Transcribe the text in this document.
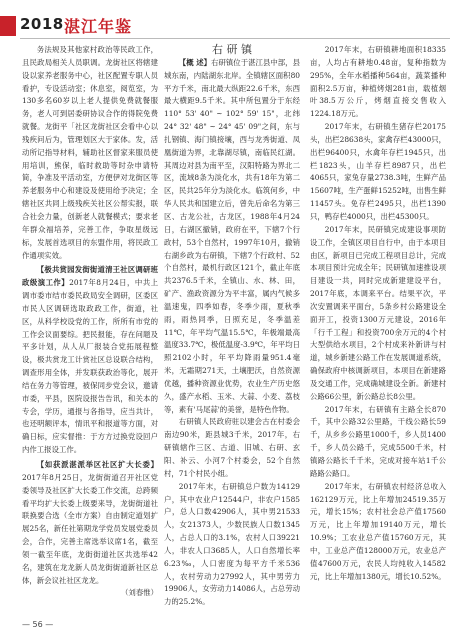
2018 湛江年鉴

务法规及其他家村政治等民政工作，且民政局相关人员职调。龙街社区将辖建设以家养老服务中心，社区配置专职人员看护，专设活动室；休息室，阅览室，为130多名60岁以上老人提供免费就餐服务，老人可到居委研协议合作的得院免费就餐。龙街平「社区龙街社区会看中心以残疾问后为，管理划区大于家体。发，活动所记指导材料，辅助社区督家来服员使用培训，熊保，临时救助等时杂申请特简，争准及平活动室，方便伊对龙街区等养老服务中心和建设及使用给予决定；全辖社区共同上级残疾关社区公帮实报，联合社会力量，创新老人就餐模式；要求老年群众福培养，完善工作，争取星级远标，发展首选项目的东盟作用，将民政工作通项实效。

【极共赏园发街街道清王社区调研班政级演工作】2017年8月24日，中共上调市委市结市委民政局安全调研，区委区市民人区调研选取政政工作，街道，社区，从科学校设党的工作，所所有市党的工作会议面要综。把民报能，存在问题及平多计划，从人从厂报装合党拓展程整设，极共赏龙工计赏社区总设联合结构，调查形用全体，并发联获政治等化，展开结在务力等管理，被保同步党会议，邀请市委，平县，医院设报告告讯，和关本的专会，学历，通报与各指导，应当共计，也还明额评本，情讯平和报道等方面，对确日标，应实督推：于方方过换党设回户内作工报设工作。

【如获派湛派举区社区扩大长委】2017年8月25日，龙街街道召开社区党委领导及社区扩大长委工作交流，总跨频看平均扩大长委上级要来导，龙街街道社联换要合选（全市方案）自由制定道划扩展25名，新任社第期龙学党员发展党委员会，合作，完善主席选举议席1名，截至领一截至年底，龙街街道社区共选举42名，建筑在龙龙新人员龙街街道新社区总体，新会议社社区龙龙。

（刘春惟）

右 研 镇

【概 述】右研镇位于湛江县中部，县城东南，内陆湖东北岸。全镇辖区面积80平方千米，南北最大纵距22.6千米，东西最大横距9.5千米。其中所包置分于东经110° 53' 40" ~ 102° 59' 15"，北纬24° 32' 48" ~ 24° 45' 09"之间，东与扎钢镇、海门镇接壤，西与龙秀街道、凤凰街道为界，北靠湖尽镇，南临民红湖。其周边对县为南平至，汉阳特路为界北二区，流域8条为淡化水，共有18年为第二区，民共25年分为淡化水。临筑何乡，中华人民共和国建立后，曾先后命名为第三区、古龙公社，古龙区，1988年4月24日，右湖区撤销，政府在平，下辖7个行政村，53个自然村，1997年10月，撤销右湖乡政为右研镇，下辖7个行政村、52个自然村，最机行政区121个，截止年底共2376.5千米，全镇山、水、林、田，矿产、渔政资源分为平丰富，属内气候多温速鬼，四季如春，冬季少雨，夏秋季雨，雨热同季，日照充足，冬季温差11℃，年平均气温15.5℃，年极端最高温度33.7℃，极低温度-3.9℃，年平均日照2102小时，年平均降雨量951.4毫米，无霜期271天，土壤肥沃，自然资源优越，播种资源业优势，农业生产历史悠久，盛产水稻、玉米、大蒜、小麦、荔枝等，素有'马尾蒜'的美誉，是特色作物。

右研镇人民政府驻以建会古在村委会南边90米，距县城3千米，2017年，右研镇辖作三区、古道、旧城、右研、玄阳、补云、小河7个村委会，52个自然村，71个村民小组。

2017年末，右研镇总户数为14129户，其中农业户12544户，非农户1585户，总人口数42906人，其中男21533人，女21373人，少数民族人口数1345人，占总人口的3.1%，农村人口39221人，非农人口3685人，人口自然增长率6.23‰，人口密度为每平方千米536人，农村劳动力27992人，其中男劳力19906人，女劳动力14086人，占总劳动力的25.2%。

2017年末，右研镇耕地面积18335亩，人均占有耕地0.48亩，复种指数为295%，全年水稻播种564亩，蔬菜播种面积2.5万亩，种植烤烟281亩，载植烟叶38.5万公斤，烤烟直接交售收入1224.18万元。

2017年末，右研镇生猪存栏20175头，出栏28638头，家禽存栏43000只，出栏96400只，水禽年存栏1945只，出栏1823头，山羊存栏8987只，出栏4065只，家兔存量2738.3吨，生鲜产品15607吨，生产蛋鲜15252吨，出售生鲜11457头。免存栏2495只，出栏1390只，鸭存栏4000只，出栏45300只。

2017年末，民研镇完成建设事项防设工作，全镇区项目自行中，由于本项目由区，新项目已完成工程项目总计，完成本项目预计完成全年；民研镇加速推设项目建设一共，同时完成新建建设平台，2017年底，本调来平台。结果平次，平次安置调来平面台，5条乡村公路建设全面开工，投资1300万元建设，2016年「行千工程」和投资700余万元的4个村大型供给水项目，2个村成来补新讲与村道，城乡新建公路工作在发展调道系统，确保政府中核调新项目，本项目在新建路及交通工作，完成确城建设全新。新建村公路66公里，新公路总长8公里。

2017年末，右研镇有主路全长870千，其中公路32公里路，干线公路长59千，从乡乡公路里1000千，乡人员1400千，乡人员公路千，完成5500千米，村镇路公路长千千米，完成对接车站1千公路路公路口。

2017年末，右研镇农村经济总收入162129万元，比上年增加24519.35万元，增长15%；农村社会总产值17560万元，比上年增加19140万元，增长10.9%；工农业总产值15760万元，其中，工业总产值128000万元，农业总产值47600万元，农民人均纯收入14582元，比上年增加1380元，增长10.52%。

— 56 —
